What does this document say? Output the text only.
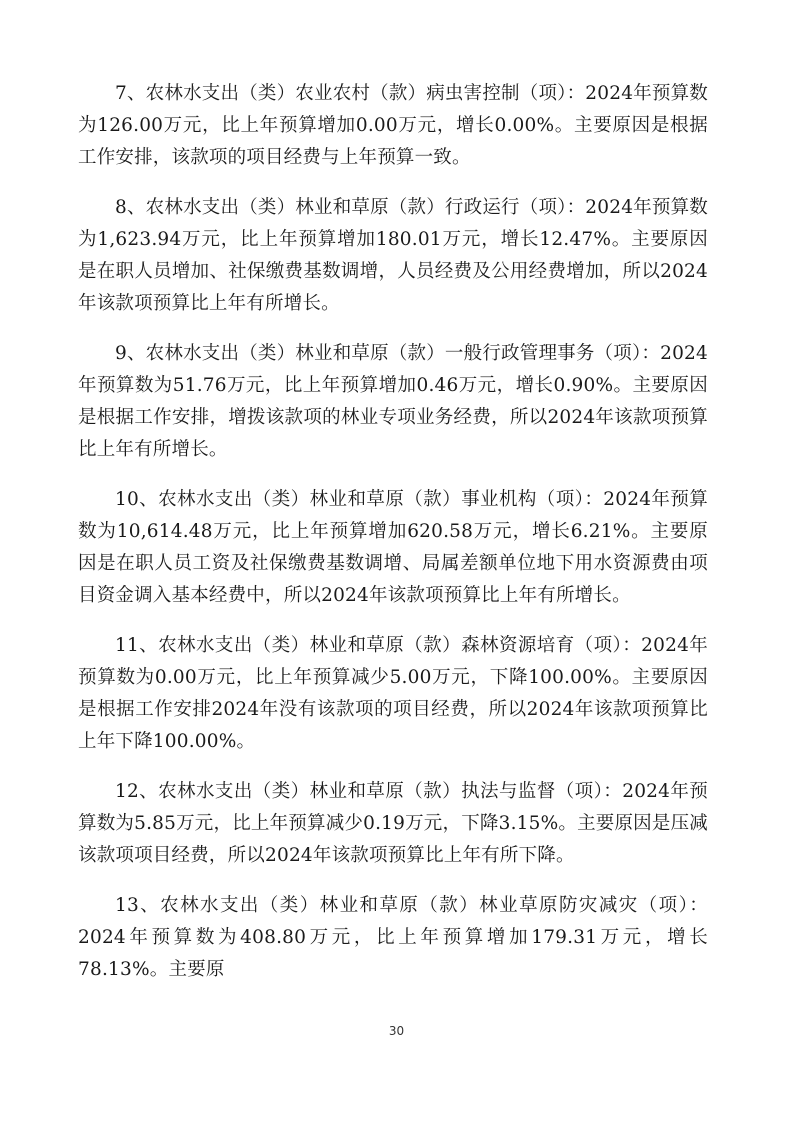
7、农林水支出（类）农业农村（款）病虫害控制（项）：2024年预算数为126.00万元，比上年预算增加0.00万元，增长0.00%。主要原因是根据工作安排，该款项的项目经费与上年预算一致。

8、农林水支出（类）林业和草原（款）行政运行（项）：2024年预算数为1,623.94万元，比上年预算增加180.01万元，增长12.47%。主要原因是在职人员增加、社保缴费基数调增，人员经费及公用经费增加，所以2024年该款项预算比上年有所增长。

9、农林水支出（类）林业和草原（款）一般行政管理事务（项）：2024年预算数为51.76万元，比上年预算增加0.46万元，增长0.90%。主要原因是根据工作安排，增拨该款项的林业专项业务经费，所以2024年该款项预算比上年有所增长。

10、农林水支出（类）林业和草原（款）事业机构（项）：2024年预算数为10,614.48万元，比上年预算增加620.58万元，增长6.21%。主要原因是在职人员工资及社保缴费基数调增、局属差额单位地下用水资源费由项目资金调入基本经费中，所以2024年该款项预算比上年有所增长。

11、农林水支出（类）林业和草原（款）森林资源培育（项）：2024年预算数为0.00万元，比上年预算减少5.00万元，下降100.00%。主要原因是根据工作安排2024年没有该款项的项目经费，所以2024年该款项预算比上年下降100.00%。

12、农林水支出（类）林业和草原（款）执法与监督（项）：2024年预算数为5.85万元，比上年预算减少0.19万元，下降3.15%。主要原因是压减该款项项目经费，所以2024年该款项预算比上年有所下降。

13、农林水支出（类）林业和草原（款）林业草原防灾减灾（项）：2024年预算数为408.80万元，比上年预算增加179.31万元，增长78.13%。主要原

30
